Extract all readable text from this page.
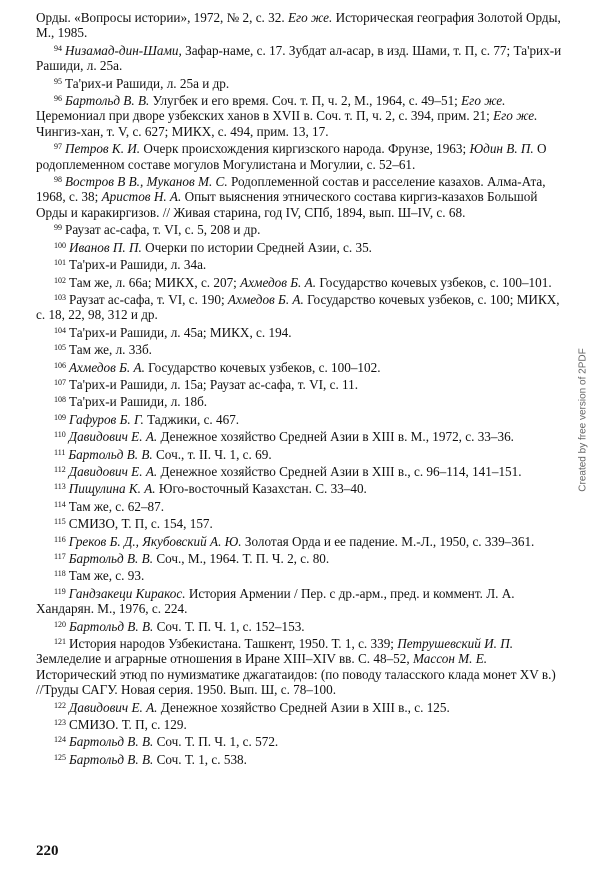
Орды. «Вопросы истории», 1972, № 2, с. 32. Его же. Историческая география Золотой Орды, М., 1985.

$^{94}$ Низамад-дин-Шами, Зафар-наме, с. 17. Зубдат ал-асар, в изд. Шами, т. П, с. 77; Та'рих-и Рашиди, л. 25а.

$^{95}$ Та'рих-и Рашиди, л. 25а и др.

$^{96}$ Бартольд В. В. Улугбек и его время. Соч. т. П, ч. 2, М., 1964, с. 49–51; Его же. Церемониал при дворе узбекских ханов в XVII в. Соч. т. П, ч. 2, с. 394, прим. 21; Его же. Чингиз-хан, т. V, с. 627; МИКХ, с. 494, прим. 13, 17.

$^{97}$ Петров К. И. Очерк происхождения киргизского народа. Фрунзе, 1963; Юдин В. П. О родоплеменном составе могулов Могулистана и Могулии, с. 52–61.

$^{98}$ Востров В В., Муканов М. С. Родоплеменной состав и расселение казахов. Алма-Ата, 1968, с. 38; Аристов Н. А. Опыт выяснения этнического состава киргиз-казахов Большой Орды и каракиргизов. // Живая старина, год IV, СПб, 1894, вып. Ш–IV, с. 68.

$^{99}$ Раузат ас-сафа, т. VI, с. 5, 208 и др.

$^{100}$ Иванов П. П. Очерки по истории Средней Азии, с. 35.

$^{101}$ Та'рих-и Рашиди, л. 34а.

$^{102}$ Там же, л. 66а; МИКХ, с. 207; Ахмедов Б. А. Государство кочевых узбеков, с. 100–101.

$^{103}$ Раузат ас-сафа, т. VI, с. 190; Ахмедов Б. А. Государство кочевых узбеков, с. 100; МИКХ, с. 18, 22, 98, 312 и др.

$^{104}$ Та'рих-и Рашиди, л. 45а; МИКХ, с. 194.

$^{105}$ Там же, л. 33б.

$^{106}$ Ахмедов Б. А. Государство кочевых узбеков, с. 100–102.

$^{107}$ Та'рих-и Рашиди, л. 15а; Раузат ас-сафа, т. VI, с. 11.

$^{108}$ Та'рих-и Рашиди, л. 18б.

$^{109}$ Гафуров Б. Г. Таджики, с. 467.

$^{110}$ Давидович Е. А. Денежное хозяйство Средней Азии в XIII в. М., 1972, с. 33–36.

$^{111}$ Бартольд В. В. Соч., т. II. Ч. 1, с. 69.

$^{112}$ Давидович Е. А. Денежное хозяйство Средней Азии в XIII в., с. 96–114, 141–151.

$^{113}$ Пищулина К. А. Юго-восточный Казахстан. С. 33–40.

$^{114}$ Там же, с. 62–87.

$^{115}$ СМИЗО, Т. П, с. 154, 157.

$^{116}$ Греков Б. Д., Якубовский А. Ю. Золотая Орда и ее падение. М.-Л., 1950, с. 339–361.

$^{117}$ Бартольд В. В. Соч., М., 1964. Т. П. Ч. 2, с. 80.

$^{118}$ Там же, с. 93.

$^{119}$ Гандзакеци Киракос. История Армении / Пер. с др.-арм., пред. и коммент. Л. А. Хандарян. М., 1976, с. 224.

$^{120}$ Бартольд В. В. Соч. Т. П. Ч. 1, с. 152–153.

$^{121}$ История народов Узбекистана. Ташкент, 1950. Т. 1, с. 339; Петрушевский И. П. Земледелие и аграрные отношения в Иране XIII–XIV вв. С. 48–52, Массон М. Е. Исторический этюд по нумизматике джагатаидов: (по поводу таласского клада монет XV в.) //Труды САГУ. Новая серия. 1950. Вып. Ш, с. 78–100.

$^{122}$ Давидович Е. А. Денежное хозяйство Средней Азии в XIII в., с. 125.

$^{123}$ СМИЗО. Т. П, с. 129.

$^{124}$ Бартольд В. В. Соч. Т. П. Ч. 1, с. 572.

$^{125}$ Бартольд В. В. Соч. Т. 1, с. 538.

220
Created by free version of 2PDF
